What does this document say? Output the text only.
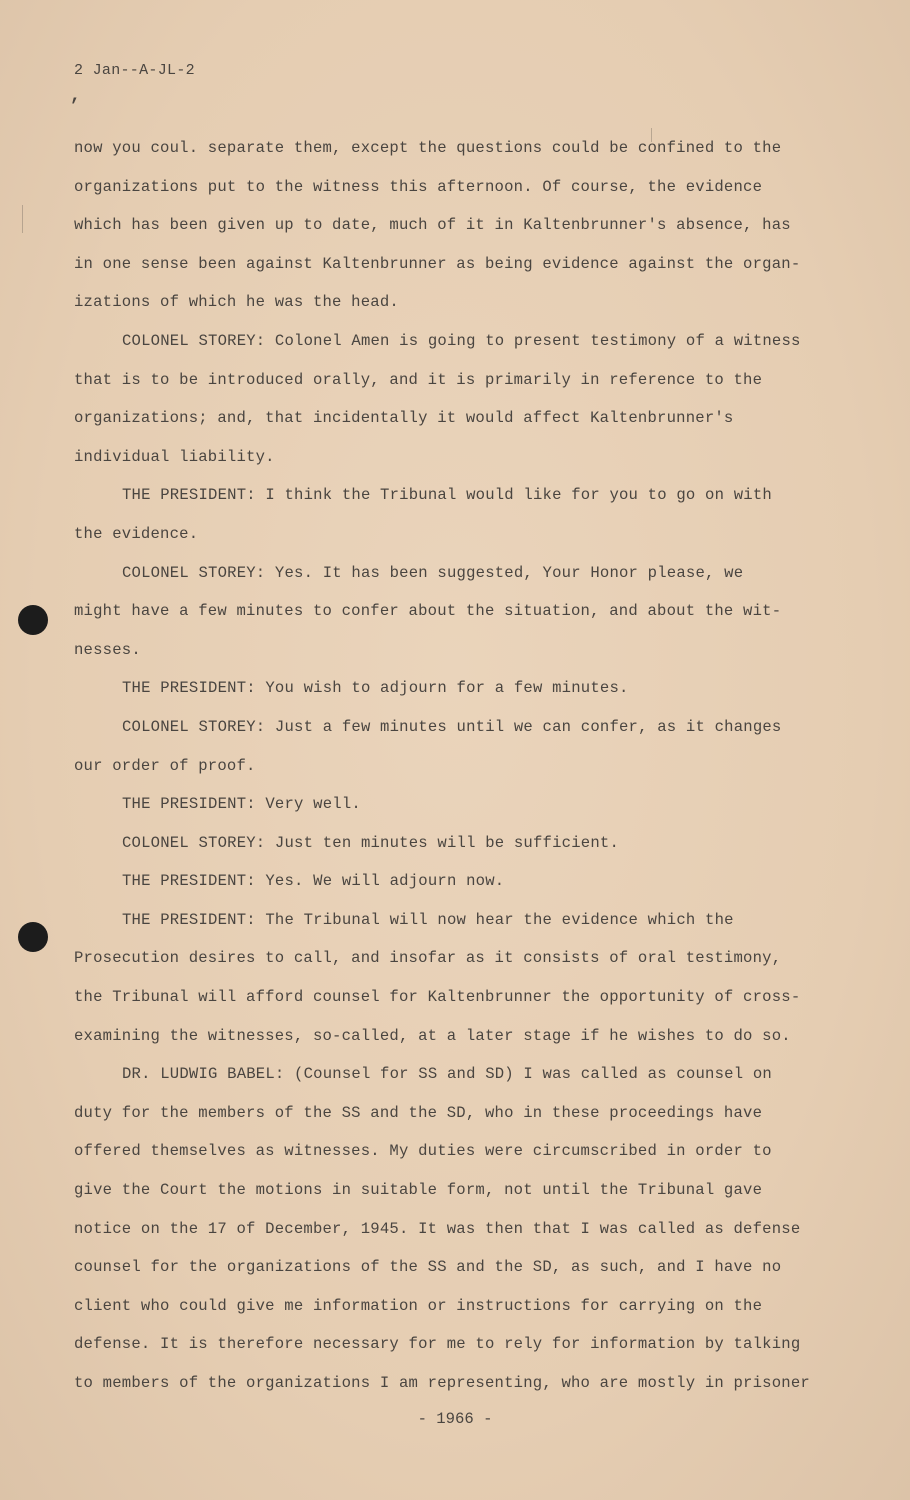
2 Jan--A-JL-2
,
now you coul. separate them, except the questions could be confined to the
organizations put to the witness this afternoon. Of course, the evidence
which has been given up to date, much of it in Kaltenbrunner's absence, has
in one sense been against Kaltenbrunner as being evidence against the organ-
izations of which he was the head.
COLONEL STOREY: Colonel Amen is going to present testimony of a witness
that is to be introduced orally, and it is primarily in reference to the
organizations; and, that incidentally it would affect Kaltenbrunner's
individual liability.
THE PRESIDENT: I think the Tribunal would like for you to go on with
the evidence.
COLONEL STOREY: Yes. It has been suggested, Your Honor please, we
might have a few minutes to confer about the situation, and about the wit-
nesses.
THE PRESIDENT: You wish to adjourn for a few minutes.
COLONEL STOREY: Just a few minutes until we can confer, as it changes
our order of proof.
THE PRESIDENT: Very well.
COLONEL STOREY: Just ten minutes will be sufficient.
THE PRESIDENT: Yes. We will adjourn now.
THE PRESIDENT: The Tribunal will now hear the evidence which the
Prosecution desires to call, and insofar as it consists of oral testimony,
the Tribunal will afford counsel for Kaltenbrunner the opportunity of cross-
examining the witnesses, so-called, at a later stage if he wishes to do so.
DR. LUDWIG BABEL: (Counsel for SS and SD) I was called as counsel on
duty for the members of the SS and the SD, who in these proceedings have
offered themselves as witnesses. My duties were circumscribed in order to
give the Court the motions in suitable form, not until the Tribunal gave
notice on the 17 of December, 1945. It was then that I was called as defense
counsel for the organizations of the SS and the SD, as such, and I have no
client who could give me information or instructions for carrying on the
defense. It is therefore necessary for me to rely for information by talking
to members of the organizations I am representing, who are mostly in prisoner
- 1966 -
